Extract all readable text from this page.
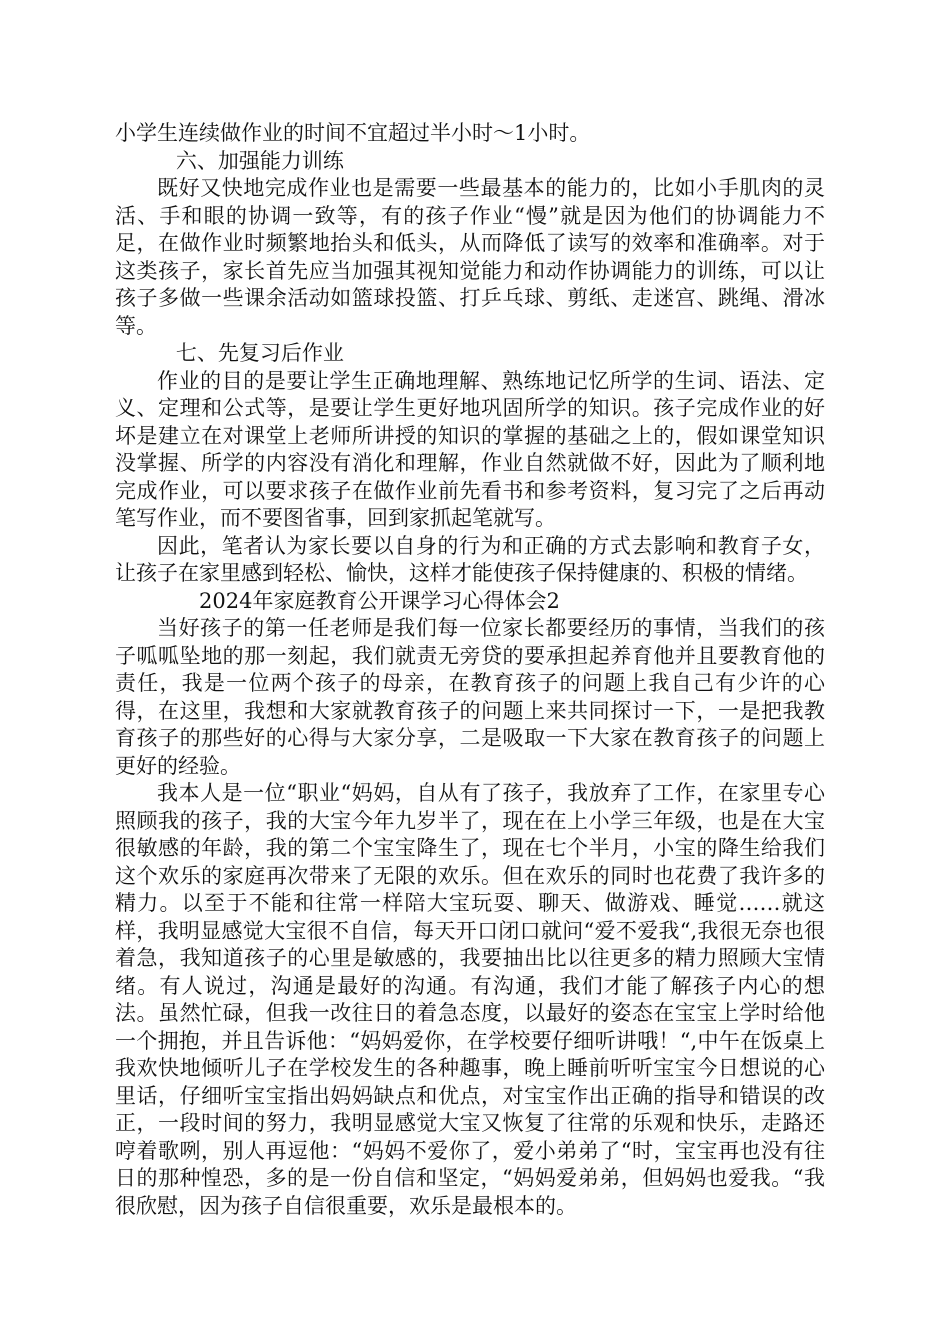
小学生连续做作业的时间不宜超过半小时～1小时。

六、加强能力训练

既好又快地完成作业也是需要一些最基本的能力的，比如小手肌肉的灵活、手和眼的协调一致等，有的孩子作业“慢”就是因为他们的协调能力不足，在做作业时频繁地抬头和低头，从而降低了读写的效率和准确率。对于这类孩子，家长首先应当加强其视知觉能力和动作协调能力的训练，可以让孩子多做一些课余活动如篮球投篮、打乒乓球、剪纸、走迷宫、跳绳、滑冰等。

七、先复习后作业

作业的目的是要让学生正确地理解、熟练地记忆所学的生词、语法、定义、定理和公式等，是要让学生更好地巩固所学的知识。孩子完成作业的好坏是建立在对课堂上老师所讲授的知识的掌握的基础之上的，假如课堂知识没掌握、所学的内容没有消化和理解，作业自然就做不好，因此为了顺利地完成作业，可以要求孩子在做作业前先看书和参考资料，复习完了之后再动笔写作业，而不要图省事，回到家抓起笔就写。

因此，笔者认为家长要以自身的行为和正确的方式去影响和教育子女，让孩子在家里感到轻松、愉快，这样才能使孩子保持健康的、积极的情绪。

2024年家庭教育公开课学习心得体会2

当好孩子的第一任老师是我们每一位家长都要经历的事情，当我们的孩子呱呱坠地的那一刻起，我们就责无旁贷的要承担起养育他并且要教育他的责任，我是一位两个孩子的母亲，在教育孩子的问题上我自己有少许的心得，在这里，我想和大家就教育孩子的问题上来共同探讨一下，一是把我教育孩子的那些好的心得与大家分享，二是吸取一下大家在教育孩子的问题上更好的经验。

我本人是一位“职业“妈妈，自从有了孩子，我放弃了工作，在家里专心照顾我的孩子，我的大宝今年九岁半了，现在在上小学三年级，也是在大宝很敏感的年龄，我的第二个宝宝降生了，现在七个半月，小宝的降生给我们这个欢乐的家庭再次带来了无限的欢乐。但在欢乐的同时也花费了我许多的精力。以至于不能和往常一样陪大宝玩耍、聊天、做游戏、睡觉……就这样，我明显感觉大宝很不自信，每天开口闭口就问“爱不爱我“,我很无奈也很着急，我知道孩子的心里是敏感的，我要抽出比以往更多的精力照顾大宝情绪。有人说过，沟通是最好的沟通。有沟通，我们才能了解孩子内心的想法。虽然忙碌，但我一改往日的着急态度，以最好的姿态在宝宝上学时给他一个拥抱，并且告诉他：“妈妈爱你，在学校要仔细听讲哦！“,中午在饭桌上我欢快地倾听儿子在学校发生的各种趣事，晚上睡前听听宝宝今日想说的心里话，仔细听宝宝指出妈妈缺点和优点，对宝宝作出正确的指导和错误的改正，一段时间的努力，我明显感觉大宝又恢复了往常的乐观和快乐，走路还哼着歌咧，别人再逗他：“妈妈不爱你了，爱小弟弟了“时，宝宝再也没有往日的那种惶恐，多的是一份自信和坚定，“妈妈爱弟弟，但妈妈也爱我。“我很欣慰，因为孩子自信很重要，欢乐是最根本的。
